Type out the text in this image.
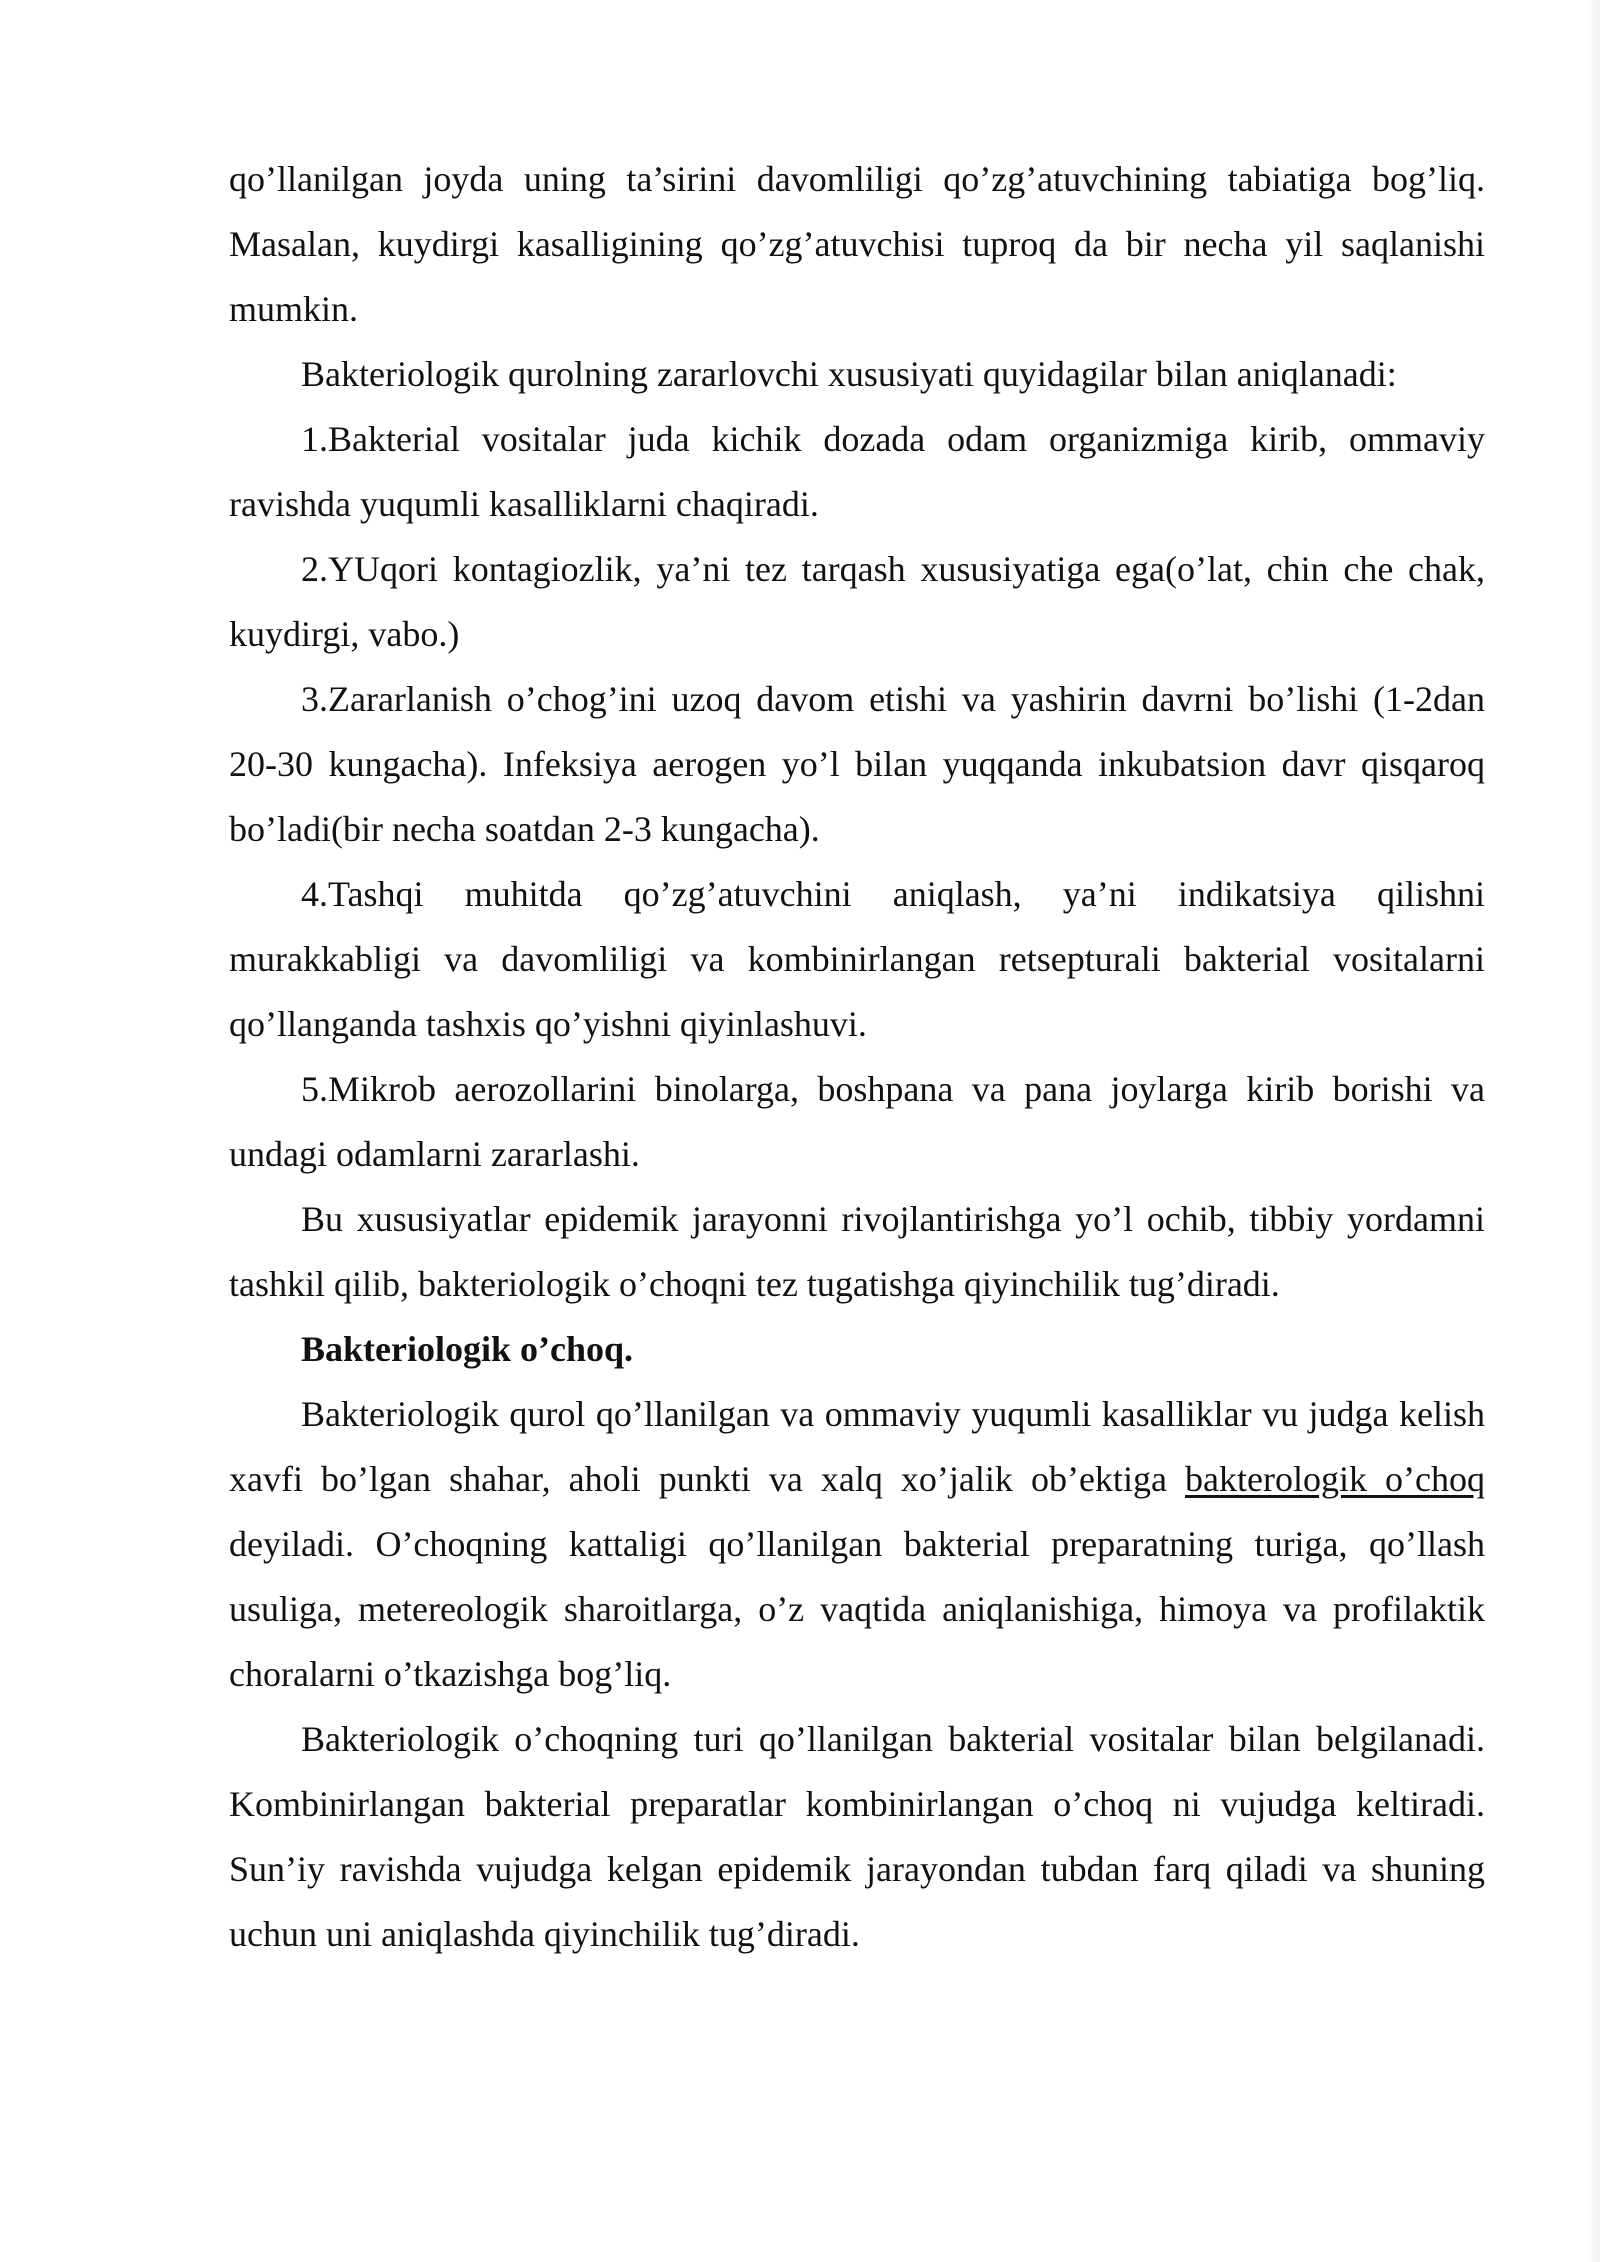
qo’llanilgan joyda uning ta’sirini davomliligi qo’zg’atuvchining tabiatiga bog’liq. Masalan, kuydirgi kasalligining qo’zg’atuvchisi tuproq da bir necha yil saqlanishi mumkin.

Bakteriologik qurolning zararlovchi xususiyati quyidagilar bilan aniqlanadi:

1.Bakterial vositalar juda kichik dozada odam organizmiga kirib, ommaviy ravishda yuqumli kasalliklarni chaqiradi.

2.YUqori kontagiozlik, ya’ni tez tarqash xususiyatiga ega(o’lat, chin che chak, kuydirgi, vabo.)

3.Zararlanish o’chog’ini uzoq davom etishi va yashirin davrni bo’lishi (1-2dan 20-30 kungacha). Infeksiya aerogen yo’l bilan yuqqanda inkubatsion davr qisqaroq bo’ladi(bir necha soatdan 2-3 kungacha).

4.Tashqi muhitda qo’zg’atuvchini aniqlash, ya’ni indikatsiya qilishni murakkabligi va davomliligi va kombinirlangan retsepturali bakterial vositalarni qo’llanganda tashxis qo’yishni qiyinlashuvi.

5.Mikrob aerozollarini binolarga, boshpana va pana joylarga kirib borishi va undagi odamlarni zararlashi.

Bu xususiyatlar epidemik jarayonni rivojlantirishga yo’l ochib, tibbiy yordamni tashkil qilib, bakteriologik o’choqni tez tugatishga qiyinchilik tug’diradi.

Bakteriologik o’choq.

Bakteriologik qurol qo’llanilgan va ommaviy yuqumli kasalliklar vu judga kelish xavfi bo’lgan shahar, aholi punkti va xalq xo’jalik ob’ektiga bakterologik o’choq deyiladi. O’choqning kattaligi qo’llanilgan bakterial preparatning turiga, qo’llash usuliga, metereologik sharoitlarga, o’z vaqtida aniqlanishiga, himoya va profilaktik choralarni o’tkazishga bog’liq.

Bakteriologik o’choqning turi qo’llanilgan bakterial vositalar bilan belgilanadi. Kombinirlangan bakterial preparatlar kombinirlangan o’choq ni vujudga keltiradi. Sun’iy ravishda vujudga kelgan epidemik jarayondan tubdan farq qiladi va shuning uchun uni aniqlashda qiyinchilik tug’diradi.
